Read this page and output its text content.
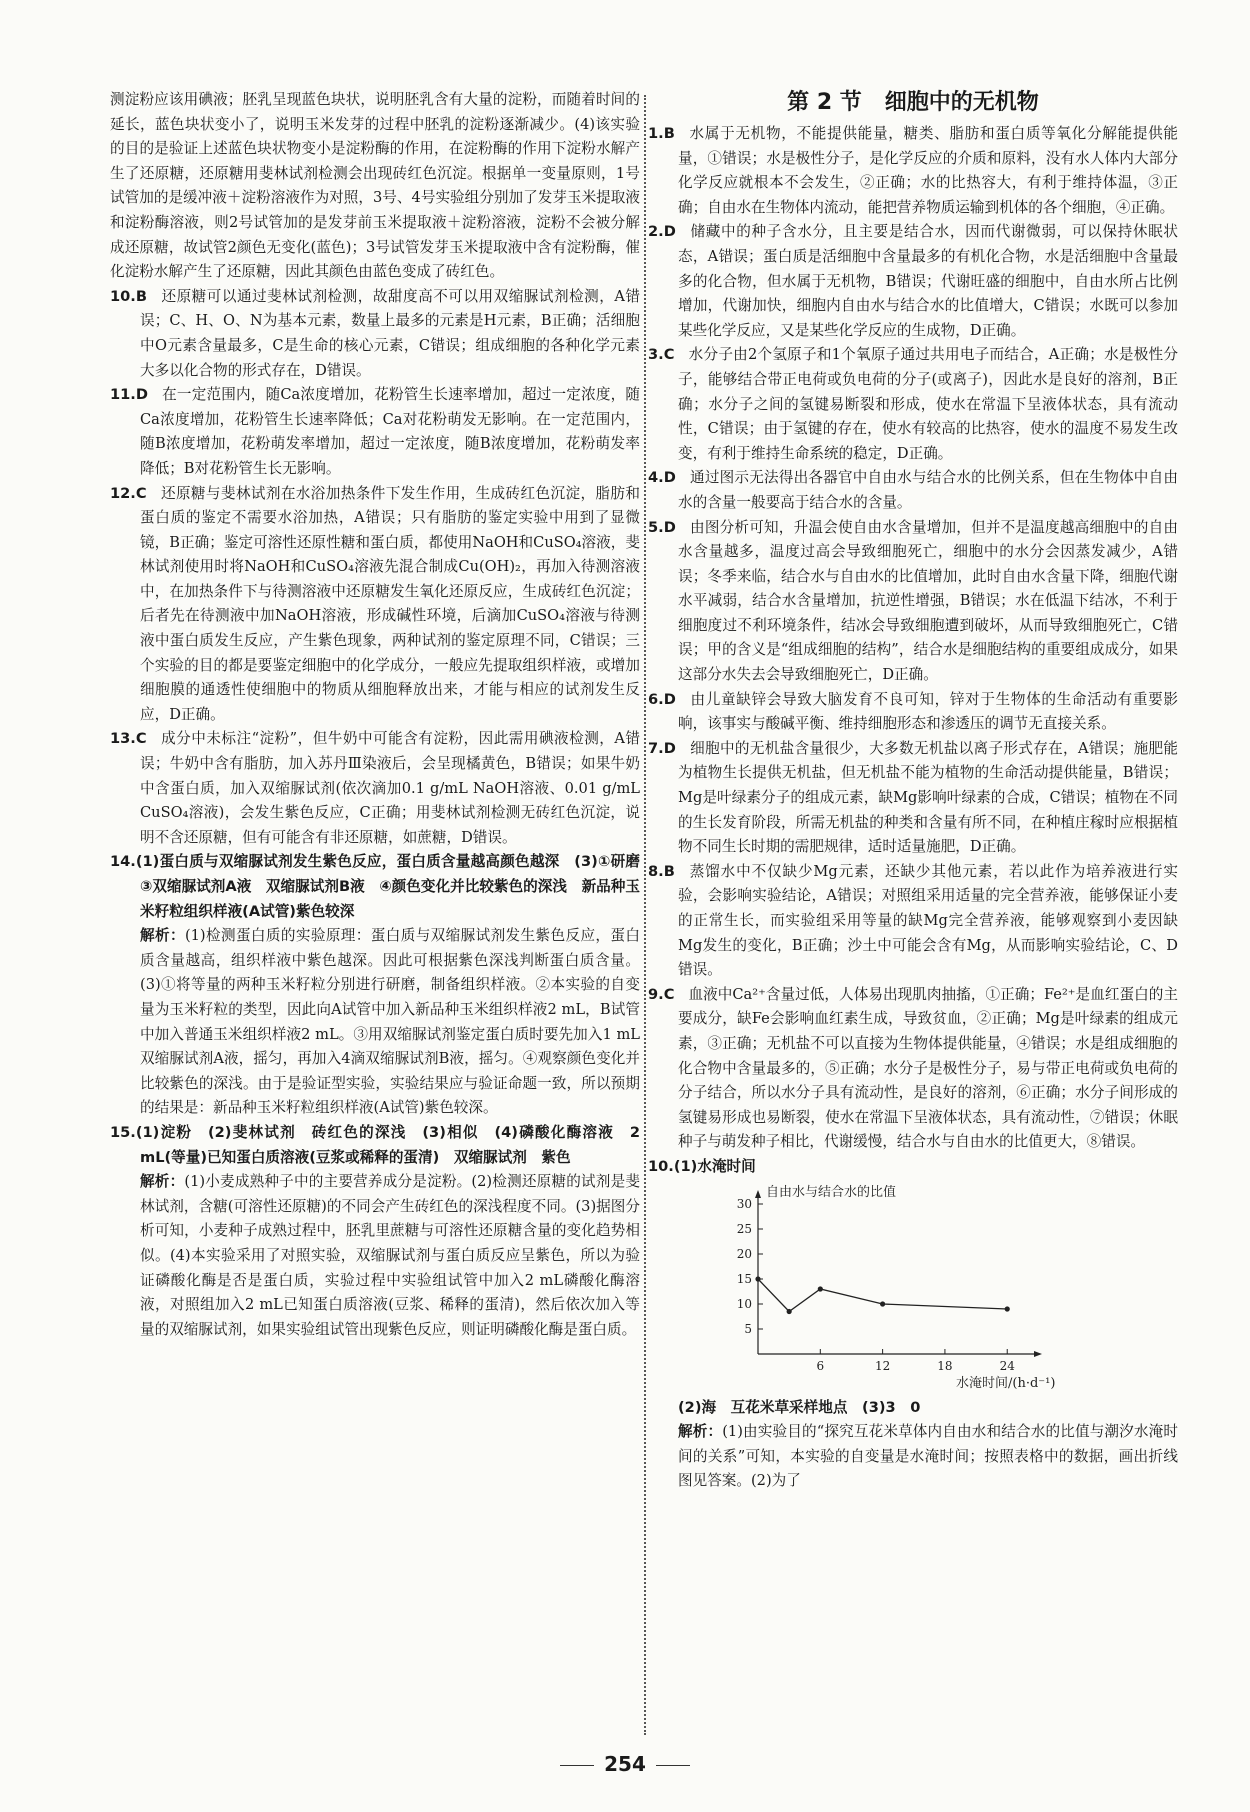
测淀粉应该用碘液；胚乳呈现蓝色块状，说明胚乳含有大量的淀粉，而随着时间的延长，蓝色块状变小了，说明玉米发芽的过程中胚乳的淀粉逐渐减少。(4)该实验的目的是验证上述蓝色块状物变小是淀粉酶的作用，在淀粉酶的作用下淀粉水解产生了还原糖，还原糖用斐林试剂检测会出现砖红色沉淀。根据单一变量原则，1号试管加的是缓冲液＋淀粉溶液作为对照，3号、4号实验组分别加了发芽玉米提取液和淀粉酶溶液，则2号试管加的是发芽前玉米提取液＋淀粉溶液，淀粉不会被分解成还原糖，故试管2颜色无变化(蓝色)；3号试管发芽玉米提取液中含有淀粉酶，催化淀粉水解产生了还原糖，因此其颜色由蓝色变成了砖红色。

10.B 还原糖可以通过斐林试剂检测，故甜度高不可以用双缩脲试剂检测，A错误；C、H、O、N为基本元素，数量上最多的元素是H元素，B正确；活细胞中O元素含量最多，C是生命的核心元素，C错误；组成细胞的各种化学元素大多以化合物的形式存在，D错误。

11.D 在一定范围内，随Ca浓度增加，花粉管生长速率增加，超过一定浓度，随Ca浓度增加，花粉管生长速率降低；Ca对花粉萌发无影响。在一定范围内，随B浓度增加，花粉萌发率增加，超过一定浓度，随B浓度增加，花粉萌发率降低；B对花粉管生长无影响。

12.C 还原糖与斐林试剂在水浴加热条件下发生作用，生成砖红色沉淀，脂肪和蛋白质的鉴定不需要水浴加热，A错误；只有脂肪的鉴定实验中用到了显微镜，B正确；鉴定可溶性还原性糖和蛋白质，都使用NaOH和CuSO₄溶液，斐林试剂使用时将NaOH和CuSO₄溶液先混合制成Cu(OH)₂，再加入待测溶液中，在加热条件下与待测溶液中还原糖发生氧化还原反应，生成砖红色沉淀；后者先在待测液中加NaOH溶液，形成碱性环境，后滴加CuSO₄溶液与待测液中蛋白质发生反应，产生紫色现象，两种试剂的鉴定原理不同，C错误；三个实验的目的都是要鉴定细胞中的化学成分，一般应先提取组织样液，或增加细胞膜的通透性使细胞中的物质从细胞释放出来，才能与相应的试剂发生反应，D正确。

13.C 成分中未标注“淀粉”，但牛奶中可能含有淀粉，因此需用碘液检测，A错误；牛奶中含有脂肪，加入苏丹Ⅲ染液后，会呈现橘黄色，B错误；如果牛奶中含蛋白质，加入双缩脲试剂(依次滴加0.1 g/mL NaOH溶液、0.01 g/mL CuSO₄溶液)，会发生紫色反应，C正确；用斐林试剂检测无砖红色沉淀，说明不含还原糖，但有可能含有非还原糖，如蔗糖，D错误。

14.(1)蛋白质与双缩脲试剂发生紫色反应，蛋白质含量越高颜色越深　(3)①研磨　③双缩脲试剂A液　双缩脲试剂B液　④颜色变化并比较紫色的深浅　新品种玉米籽粒组织样液(A试管)紫色较深

解析：(1)检测蛋白质的实验原理：蛋白质与双缩脲试剂发生紫色反应，蛋白质含量越高，组织样液中紫色越深。因此可根据紫色深浅判断蛋白质含量。(3)①将等量的两种玉米籽粒分别进行研磨，制备组织样液。②本实验的自变量为玉米籽粒的类型，因此向A试管中加入新品种玉米组织样液2 mL，B试管中加入普通玉米组织样液2 mL。③用双缩脲试剂鉴定蛋白质时要先加入1 mL双缩脲试剂A液，摇匀，再加入4滴双缩脲试剂B液，摇匀。④观察颜色变化并比较紫色的深浅。由于是验证型实验，实验结果应与验证命题一致，所以预期的结果是：新品种玉米籽粒组织样液(A试管)紫色较深。

15.(1)淀粉　(2)斐林试剂　砖红色的深浅　(3)相似　(4)磷酸化酶溶液　2 mL(等量)已知蛋白质溶液(豆浆或稀释的蛋清)　双缩脲试剂　紫色

解析：(1)小麦成熟种子中的主要营养成分是淀粉。(2)检测还原糖的试剂是斐林试剂，含糖(可溶性还原糖)的不同会产生砖红色的深浅程度不同。(3)据图分析可知，小麦种子成熟过程中，胚乳里蔗糖与可溶性还原糖含量的变化趋势相似。(4)本实验采用了对照实验，双缩脲试剂与蛋白质反应呈紫色，所以为验证磷酸化酶是否是蛋白质，实验过程中实验组试管中加入2 mL磷酸化酶溶液，对照组加入2 mL已知蛋白质溶液(豆浆、稀释的蛋清)，然后依次加入等量的双缩脲试剂，如果实验组试管出现紫色反应，则证明磷酸化酶是蛋白质。

第 2 节 细胞中的无机物

1.B 水属于无机物，不能提供能量，糖类、脂肪和蛋白质等氧化分解能提供能量，①错误；水是极性分子，是化学反应的介质和原料，没有水人体内大部分化学反应就根本不会发生，②正确；水的比热容大，有利于维持体温，③正确；自由水在生物体内流动，能把营养物质运输到机体的各个细胞，④正确。

2.D 储藏中的种子含水分，且主要是结合水，因而代谢微弱，可以保持休眠状态，A错误；蛋白质是活细胞中含量最多的有机化合物，水是活细胞中含量最多的化合物，但水属于无机物，B错误；代谢旺盛的细胞中，自由水所占比例增加，代谢加快，细胞内自由水与结合水的比值增大，C错误；水既可以参加某些化学反应，又是某些化学反应的生成物，D正确。

3.C 水分子由2个氢原子和1个氧原子通过共用电子而结合，A正确；水是极性分子，能够结合带正电荷或负电荷的分子(或离子)，因此水是良好的溶剂，B正确；水分子之间的氢键易断裂和形成，使水在常温下呈液体状态，具有流动性，C错误；由于氢键的存在，使水有较高的比热容，使水的温度不易发生改变，有利于维持生命系统的稳定，D正确。

4.D 通过图示无法得出各器官中自由水与结合水的比例关系，但在生物体中自由水的含量一般要高于结合水的含量。

5.D 由图分析可知，升温会使自由水含量增加，但并不是温度越高细胞中的自由水含量越多，温度过高会导致细胞死亡，细胞中的水分会因蒸发减少，A错误；冬季来临，结合水与自由水的比值增加，此时自由水含量下降，细胞代谢水平减弱，结合水含量增加，抗逆性增强，B错误；水在低温下结冰，不利于细胞度过不利环境条件，结冰会导致细胞遭到破坏，从而导致细胞死亡，C错误；甲的含义是“组成细胞的结构”，结合水是细胞结构的重要组成成分，如果这部分水失去会导致细胞死亡，D正确。

6.D 由儿童缺锌会导致大脑发育不良可知，锌对于生物体的生命活动有重要影响，该事实与酸碱平衡、维持细胞形态和渗透压的调节无直接关系。

7.D 细胞中的无机盐含量很少，大多数无机盐以离子形式存在，A错误；施肥能为植物生长提供无机盐，但无机盐不能为植物的生命活动提供能量，B错误；Mg是叶绿素分子的组成元素，缺Mg影响叶绿素的合成，C错误；植物在不同的生长发育阶段，所需无机盐的种类和含量有所不同，在种植庄稼时应根据植物不同生长时期的需肥规律，适时适量施肥，D正确。

8.B 蒸馏水中不仅缺少Mg元素，还缺少其他元素，若以此作为培养液进行实验，会影响实验结论，A错误；对照组采用适量的完全营养液，能够保证小麦的正常生长，而实验组采用等量的缺Mg完全营养液，能够观察到小麦因缺Mg发生的变化，B正确；沙土中可能会含有Mg，从而影响实验结论，C、D错误。

9.C 血液中Ca²⁺含量过低，人体易出现肌肉抽搐，①正确；Fe²⁺是血红蛋白的主要成分，缺Fe会影响血红素生成，导致贫血，②正确；Mg是叶绿素的组成元素，③正确；无机盐不可以直接为生物体提供能量，④错误；水是组成细胞的化合物中含量最多的，⑤正确；水分子是极性分子，易与带正电荷或负电荷的分子结合，所以水分子具有流动性，是良好的溶剂，⑥正确；水分子间形成的氢键易形成也易断裂，使水在常温下呈液体状态，具有流动性，⑦错误；休眠种子与萌发种子相比，代谢缓慢，结合水与自由水的比值更大，⑧错误。

10.(1)水淹时间

自由水与结合水的比值
水淹时间/(h·d⁻¹)
5
10
15
20
25
30
6	12	18	24

(2)海　互花米草采样地点　(3)3　0

解析：(1)由实验目的“探究互花米草体内自由水和结合水的比值与潮汐水淹时间的关系”可知，本实验的自变量是水淹时间；按照表格中的数据，画出折线图见答案。(2)为了

254
